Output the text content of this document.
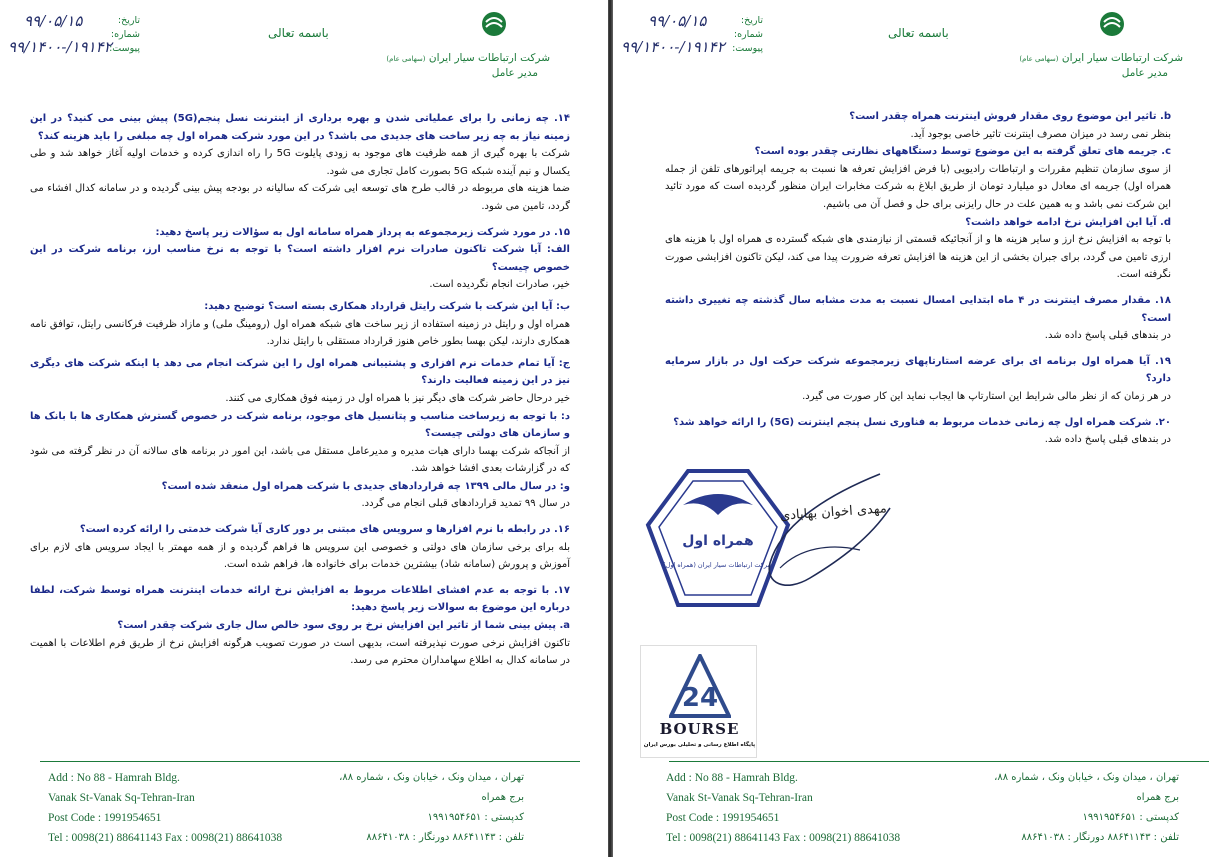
باسمه تعالی
شرکت ارتباطات سیار ایران (سهامی عام)
مدیر عامل
تاریخ:
شماره:
پیوست:
۹۹/۰۵/۱۵
۹۹/۱۴۰۰-/۱۹۱۴۲
۱۴. چه زمانی را برای عملیاتی شدن و بهره برداری از اینترنت نسل پنجم(5G) پیش بینی می کنید؟ در این زمینه نیاز به چه زیر ساخت های جدیدی می باشد؟ در این مورد شرکت همراه اول چه مبلغی را باید هزینه کند؟
شرکت با بهره گیری از همه ظرفیت های موجود به زودی پایلوت 5G را راه اندازی کرده و خدمات اولیه آغاز خواهد شد و طی یکسال و نیم آینده شبکه 5G بصورت کامل تجاری می شود.
ضما هزینه های مربوطه در قالب طرح های توسعه ایی شرکت که سالیانه در بودجه پیش بینی گردیده و در سامانه کدال افشاء می گردد، تامین می شود.
۱۵. در مورد شرکت زیرمجموعه به پرداز همراه سامانه اول به سؤالات زیر پاسخ دهید:
الف: آیا شرکت تاکنون صادرات نرم افزار داشته است؟ با توجه به نرخ مناسب ارز، برنامه شرکت در این خصوص چیست؟
خیر، صادرات انجام نگردیده است.
ب: آیا این شرکت با شرکت رایتل قرارداد همکاری بسته است؟ توضیح دهید:
همراه اول و رایتل در زمینه استفاده از زیر ساخت های شبکه همراه اول (رومینگ ملی) و مازاد ظرفیت فرکانسی رایتل، توافق نامه همکاری دارند، لیکن بهسا بطور خاص هنوز قرارداد مستقلی با رایتل ندارد.
ج: آیا تمام خدمات نرم افزاری و پشتیبانی همراه اول را این شرکت انجام می دهد یا اینکه شرکت های دیگری نیز در این زمینه فعالیت دارند؟
خیر درحال حاضر شرکت های دیگر نیز با همراه اول در زمینه فوق همکاری می کنند.
د: با توجه به زیرساخت مناسب و پتانسیل های موجود، برنامه شرکت در خصوص گسترش همکاری ها با بانک ها و سازمان های دولتی چیست؟
از آنجاکه شرکت بهسا دارای هیات مدیره و مدیرعامل مستقل می باشد، این امور در برنامه های سالانه آن در نظر گرفته می شود که در گزارشات بعدی افشا خواهد شد.
و: در سال مالی ۱۳۹۹ چه قراردادهای جدیدی با شرکت همراه اول منعقد شده است؟
در سال ۹۹ تمدید قراردادهای قبلی انجام می گردد.
۱۶. در رابطه با نرم افزارها و سرویس های مبتنی بر دور کاری آیا شرکت خدمتی را ارائه کرده است؟
بله برای برخی سازمان های دولتی و خصوصی این سرویس ها فراهم گردیده و از همه مهمتر با ایجاد سرویس های لازم برای آموزش و پرورش (سامانه شاد) بیشترین خدمات برای خانواده ها، فراهم شده است.
۱۷. با توجه به عدم افشای اطلاعات مربوط به افزایش نرخ ارائه خدمات اینترنت همراه توسط شرکت، لطفا درباره این موضوع به سوالات زیر پاسخ دهید:
a. پیش بینی شما از تاثیر این افزایش نرخ بر روی سود خالص سال جاری شرکت چقدر است؟
تاکنون افزایش نرخی صورت نپذیرفته است، بدیهی است در صورت تصویب هرگونه افزایش نرخ از طریق فرم اطلاعات با اهمیت در سامانه کدال به اطلاع سهامداران محترم می رسد.
Add : No 88 - Hamrah Bldg.
Vanak St-Vanak Sq-Tehran-Iran
Post Code : 1991954651
Tel : 0098(21) 88641143 Fax : 0098(21) 88641038
تهران ، میدان ونک ، خیابان ونک ، شماره ۸۸،
برج همراه
کدپستی : ۱۹۹۱۹۵۴۶۵۱
تلفن : ۸۸۶۴۱۱۴۳ دورنگار : ۸۸۶۴۱۰۳۸
باسمه تعالی
شرکت ارتباطات سیار ایران (سهامی عام)
مدیر عامل
تاریخ:
شماره:
پیوست:
۹۹/۰۵/۱۵
۹۹/۱۴۰۰-/۱۹۱۴۲
b. تاثیر این موضوع روی مقدار فروش اینترنت همراه چقدر است؟
بنظر نمی رسد در میزان مصرف اینترنت تاثیر خاصی بوجود آید.
c. جریمه های تعلق گرفته به این موضوع توسط دستگاههای نظارتی چقدر بوده است؟
از سوی سازمان تنظیم مقررات و ارتباطات رادیویی (با فرض افزایش تعرفه ها نسبت به جریمه اپراتورهای تلفن از جمله همراه اول) جریمه ای معادل دو میلیارد تومان از طریق ابلاغ به شرکت مخابرات ایران منظور گردیده است که مورد تائید این شرکت نمی باشد و به همین علت در حال رایزنی برای حل و فصل آن می باشیم.
d. آیا این افزایش نرخ ادامه خواهد داشت؟
با توجه به افزایش نرخ ارز و سایر هزینه ها و از آنجائیکه قسمتی از نیازمندی های شبکه گسترده ی همراه اول با هزینه های ارزی تامین می گردد، برای جبران بخشی از این هزینه ها افزایش تعرفه ضرورت پیدا می کند، لیکن تاکنون افزایشی صورت نگرفته است.
۱۸. مقدار مصرف اینترنت در ۴ ماه ابتدایی امسال نسبت به مدت مشابه سال گذشته چه تغییری داشته است؟
در بندهای قبلی پاسخ داده شد.
۱۹. آیا همراه اول برنامه ای برای عرضه استارتاپهای زیرمجموعه شرکت حرکت اول در بازار سرمایه دارد؟
در هر زمان که از نظر مالی شرایط این استارتاپ ها ایجاب نماید این کار صورت می گیرد.
۲۰. شرکت همراه اول چه زمانی خدمات مربوط به فناوری نسل پنجم اینترنت (5G) را ارائه خواهد شد؟
در بندهای قبلی پاسخ داده شد.
Add : No 88 - Hamrah Bldg.
Vanak St-Vanak Sq-Tehran-Iran
Post Code : 1991954651
Tel : 0098(21) 88641143 Fax : 0098(21) 88641038
تهران ، میدان ونک ، خیابان ونک ، شماره ۸۸،
برج همراه
کدپستی : ۱۹۹۱۹۵۴۶۵۱
تلفن : ۸۸۶۴۱۱۴۳ دورنگار : ۸۸۶۴۱۰۳۸
همراه اول
شرکت ارتباطات سیار ایران (همراه اول)
مهدی اخوان بهابادی
24
BOURSE
پایگاه اطلاع رسانی و تحلیلی بورس ایران
